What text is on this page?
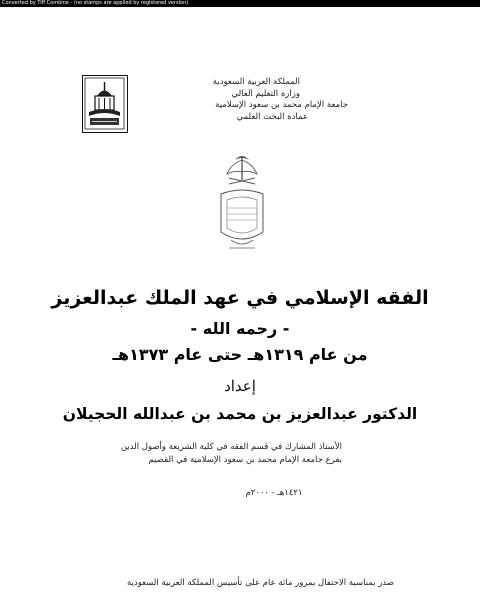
Converted by Tiff Combine - (no stamps are applied by registered version)
المملكة العربية السعودية
وزارة التعليم العالي
جامعة الإمام محمد بن سعود الإسلامية
عمادة البحث العلمي
الفقه الإسلامي في عهد الملك عبدالعزيز
- رحمه الله -
من عام ١٣١٩هـ حتى عام ١٣٧٣هـ
إعداد
الدكتور عبدالعزيز بن محمد بن عبدالله الحجيلان
الأستاذ المشارك في قسم الفقه في كلية الشريعة وأصول الدين
بفرع جامعة الإمام محمد بن سعود الإسلامية في القصيم
١٤٢١هـ - ٢٠٠٠م
صدر بمناسبة الاحتفال بمرور مائة عام على تأسيس المملكة العربية السعودية
